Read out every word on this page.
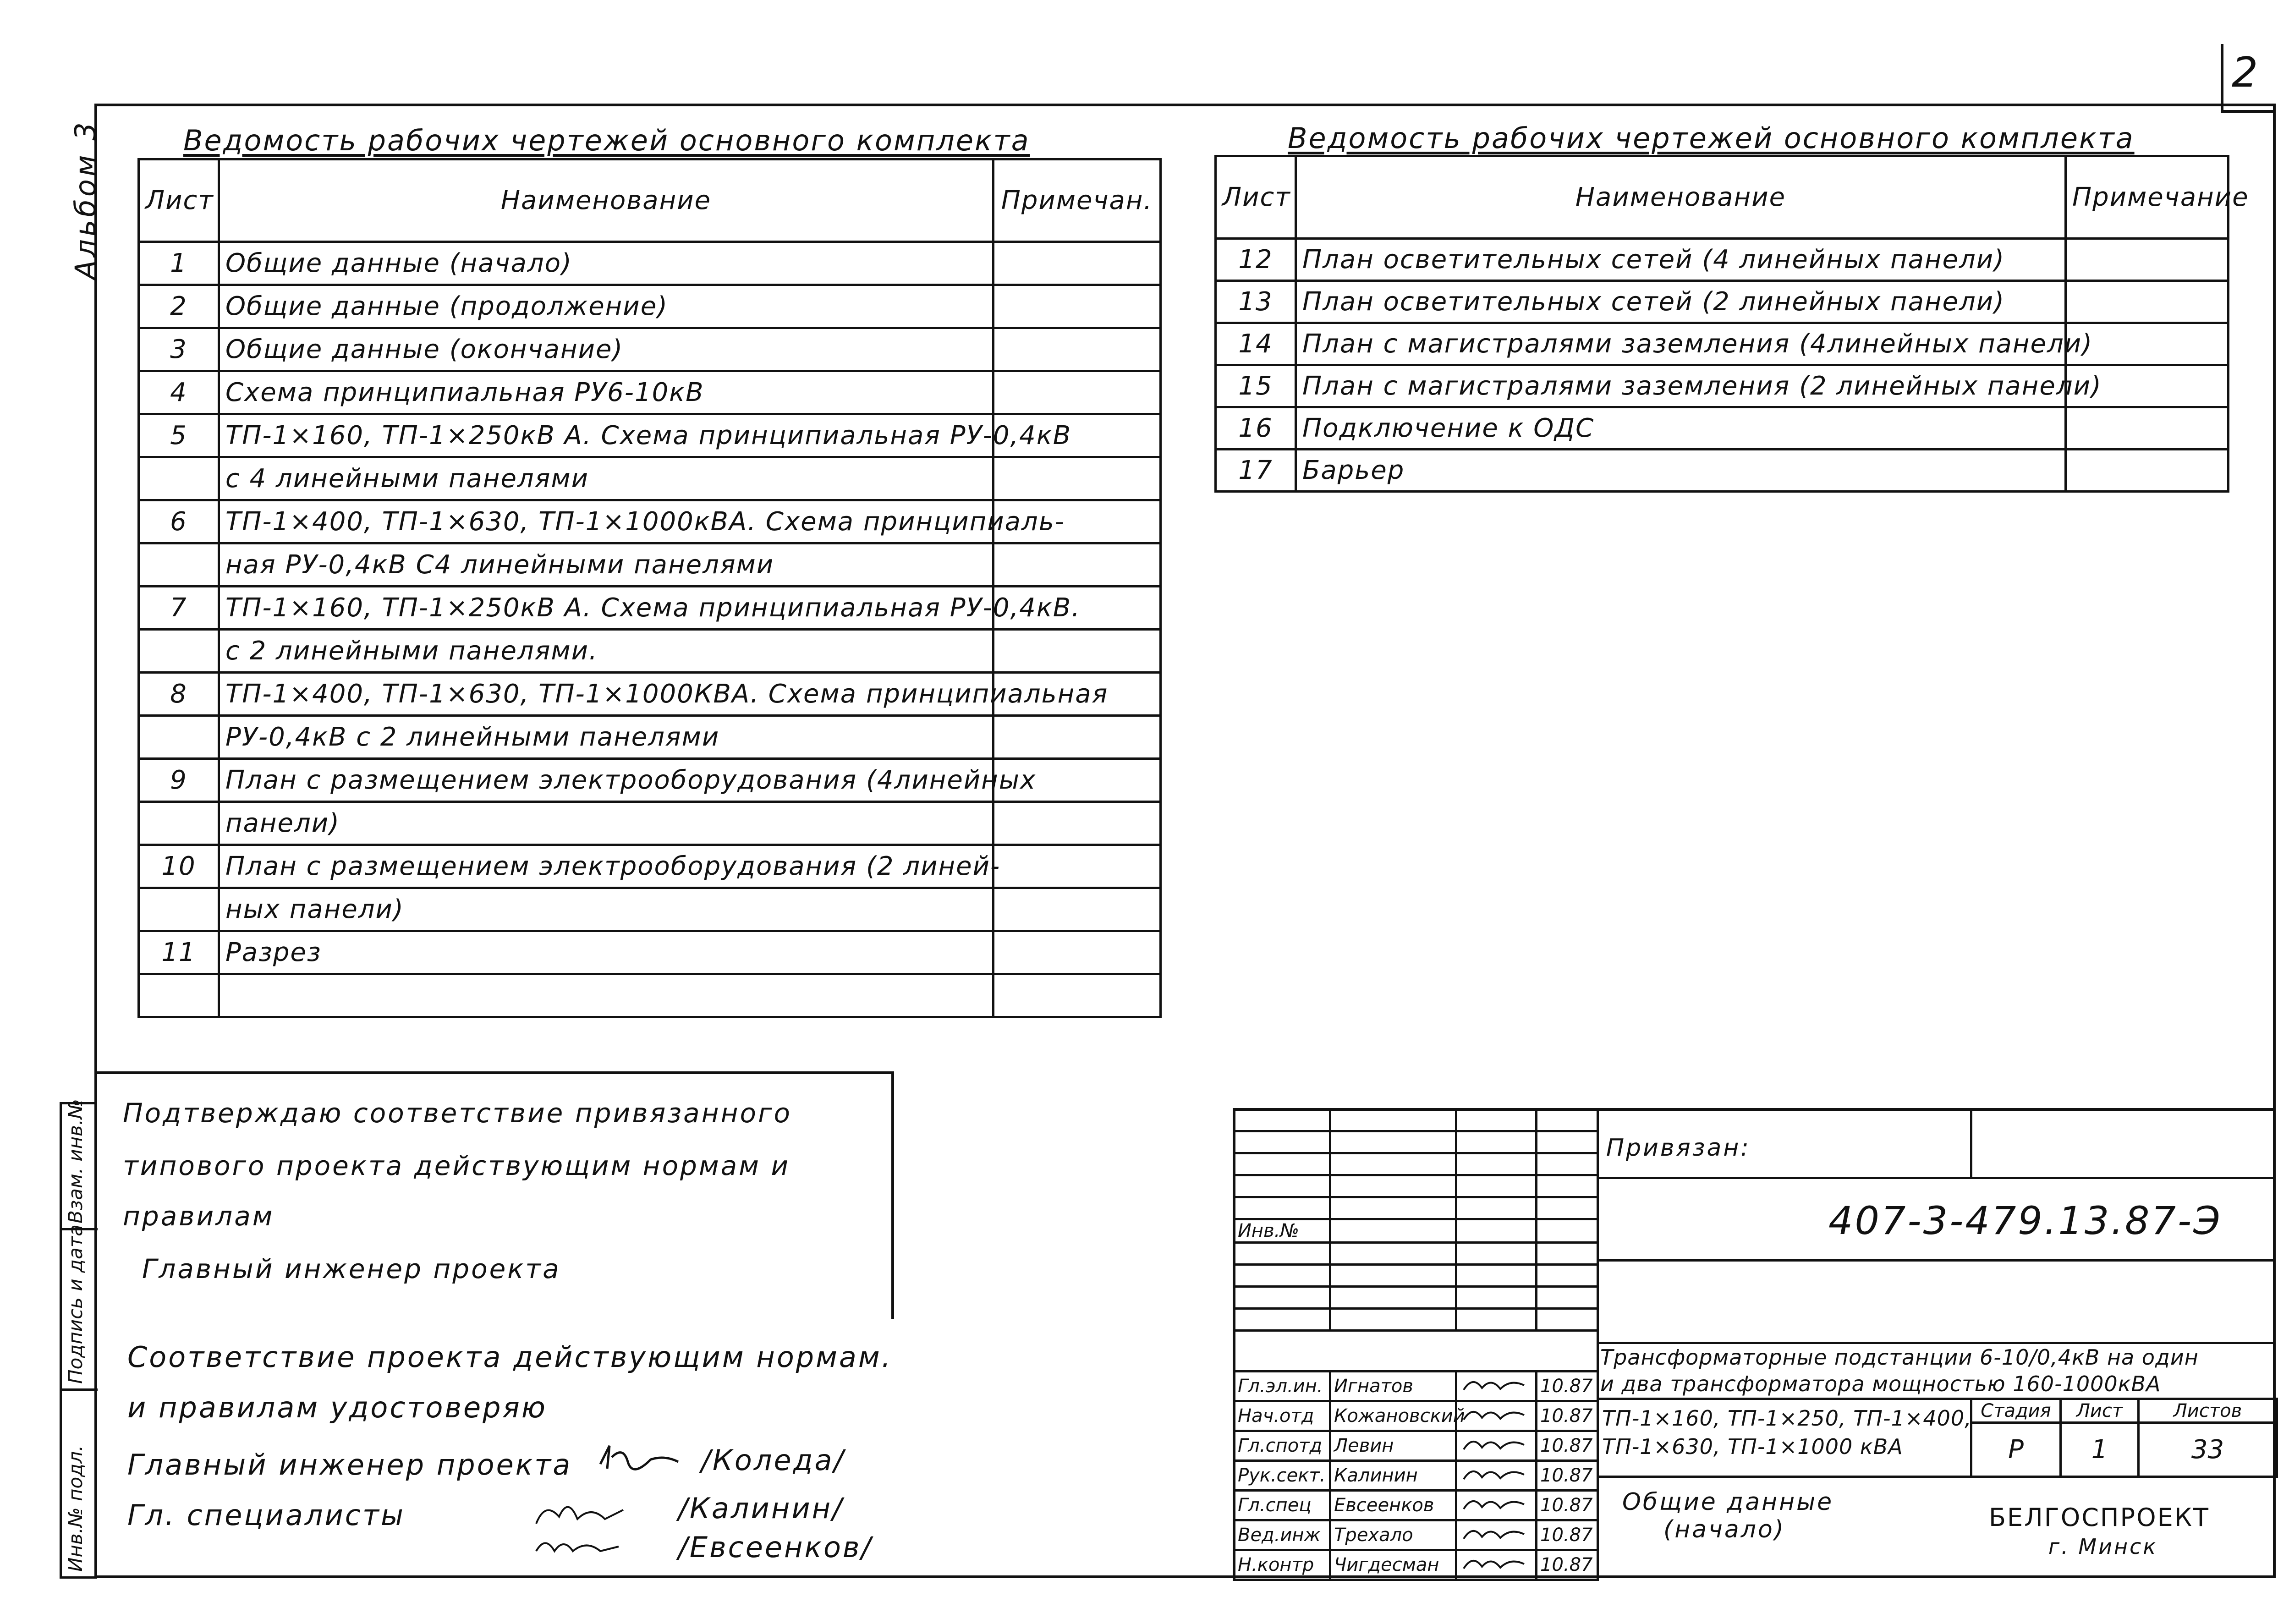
2
Альбом 3
Инв.№ подл.
Подпись и дата
Взам. инв.№
Ведомость рабочих чертежей основного комплекта
Лист	Наименование	Примечан.
1	Общие данные (начало)	
2	Общие данные (продолжение)	
3	Общие данные (окончание)	
4	Схема принципиальная РУ6-10кВ	
5	ТП-1×160, ТП-1×250кВ А. Схема принципиальная РУ-0,4кВ	
	с 4 линейными панелями	
6	ТП-1×400, ТП-1×630, ТП-1×1000кВА. Схема принципиаль-	
	ная РУ-0,4кВ С4 линейными панелями	
7	ТП-1×160, ТП-1×250кВ А. Схема принципиальная РУ-0,4кВ.	
	с 2 линейными панелями.	
8	ТП-1×400, ТП-1×630, ТП-1×1000КВА. Схема принципиальная	
	РУ-0,4кВ с 2 линейными панелями	
9	План с размещением электрооборудования (4линейных	
	панели)	
10	План с размещением электрооборудования (2 линей-	
	ных панели)	
11	Разрез	

Ведомость рабочих чертежей основного комплекта
Лист	Наименование	Примечание
12	План осветительных сетей (4 линейных панели)	
13	План осветительных сетей (2 линейных панели)	
14	План с магистралями заземления (4линейных панели)	
15	План с магистралями заземления (2 линейных панели)	
16	Подключение к ОДС	
17	Барьер	
Подтверждаю соответствие привязанного
типового проекта действующим нормам и
правилам
Главный инженер проекта
Соответствие проекта действующим нормам.
и правилам удостоверяю
Главный инженер проекта	/Коледа/
Гл. специалисты	/Калинин/
/Евсеенков/

Инв.№			

Гл.эл.ин.	Игнатов		10.87
Нач.отд	Кожановский		10.87
Гл.спотд	Левин		10.87
Рук.сект.	Калинин		10.87
Гл.спец	Евсеенков		10.87
Вед.инж	Трехало		10.87
Н.контр	Чигдесман		10.87
Привязан:
407-3-479.13.87-Э
Трансформаторные подстанции 6-10/0,4кВ на один
и два трансформатора мощностью 160-1000кВА
ТП-1×160, ТП-1×250, ТП-1×400,
ТП-1×630, ТП-1×1000 кВА
Общие данные
(начало)
Стадия	Лист	Листов
Р	1	33
БЕЛГОСПРОЕКТ
г. Минск
